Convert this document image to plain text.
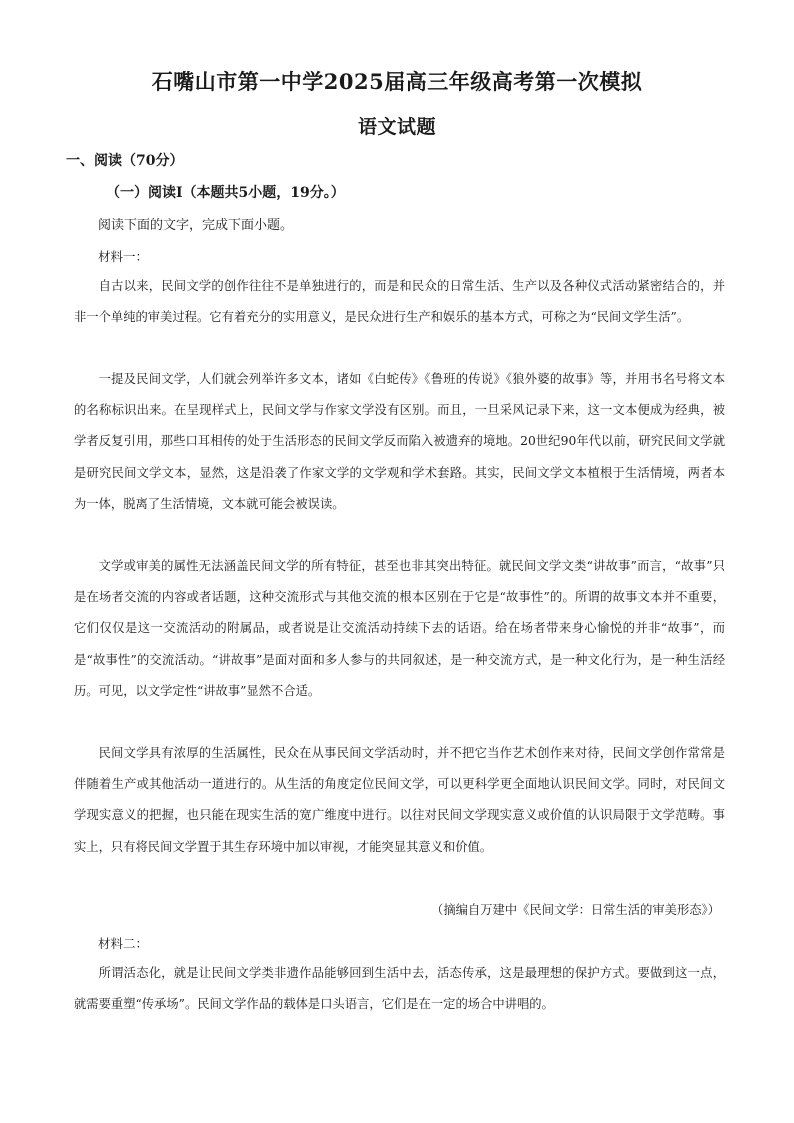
石嘴山市第一中学2025届高三年级高考第一次模拟
语文试题
一、阅读（70分）
（一）阅读Ⅰ（本题共5小题，19分。）
阅读下面的文字，完成下面小题。
材料一：
自古以来，民间文学的创作往往不是单独进行的，而是和民众的日常生活、生产以及各种仪式活动紧密结合的，并非一个单纯的审美过程。它有着充分的实用意义，是民众进行生产和娱乐的基本方式，可称之为“民间文学生活”。
一提及民间文学，人们就会列举许多文本，诸如《白蛇传》《鲁班的传说》《狼外婆的故事》等，并用书名号将文本的名称标识出来。在呈现样式上，民间文学与作家文学没有区别。而且，一旦采风记录下来，这一文本便成为经典，被学者反复引用，那些口耳相传的处于生活形态的民间文学反而陷入被遗弃的境地。20世纪90年代以前，研究民间文学就是研究民间文学文本，显然，这是沿袭了作家文学的文学观和学术套路。其实，民间文学文本植根于生活情境，两者本为一体，脱离了生活情境，文本就可能会被误读。
文学或审美的属性无法涵盖民间文学的所有特征，甚至也非其突出特征。就民间文学文类“讲故事”而言，“故事”只是在场者交流的内容或者话题，这种交流形式与其他交流的根本区别在于它是“故事性”的。所谓的故事文本并不重要，它们仅仅是这一交流活动的附属品，或者说是让交流活动持续下去的话语。给在场者带来身心愉悦的并非“故事”，而是“故事性”的交流活动。“讲故事”是面对面和多人参与的共同叙述，是一种交流方式，是一种文化行为，是一种生活经历。可见，以文学定性“讲故事”显然不合适。
民间文学具有浓厚的生活属性，民众在从事民间文学活动时，并不把它当作艺术创作来对待，民间文学创作常常是伴随着生产或其他活动一道进行的。从生活的角度定位民间文学，可以更科学更全面地认识民间文学。同时，对民间文学现实意义的把握，也只能在现实生活的宽广维度中进行。以往对民间文学现实意义或价值的认识局限于文学范畴。事实上，只有将民间文学置于其生存环境中加以审视，才能突显其意义和价值。
（摘编自万建中《民间文学：日常生活的审美形态》）
材料二：
所谓活态化，就是让民间文学类非遗作品能够回到生活中去，活态传承，这是最理想的保护方式。要做到这一点，就需要重塑“传承场”。民间文学作品的载体是口头语言，它们是在一定的场合中讲唱的。
